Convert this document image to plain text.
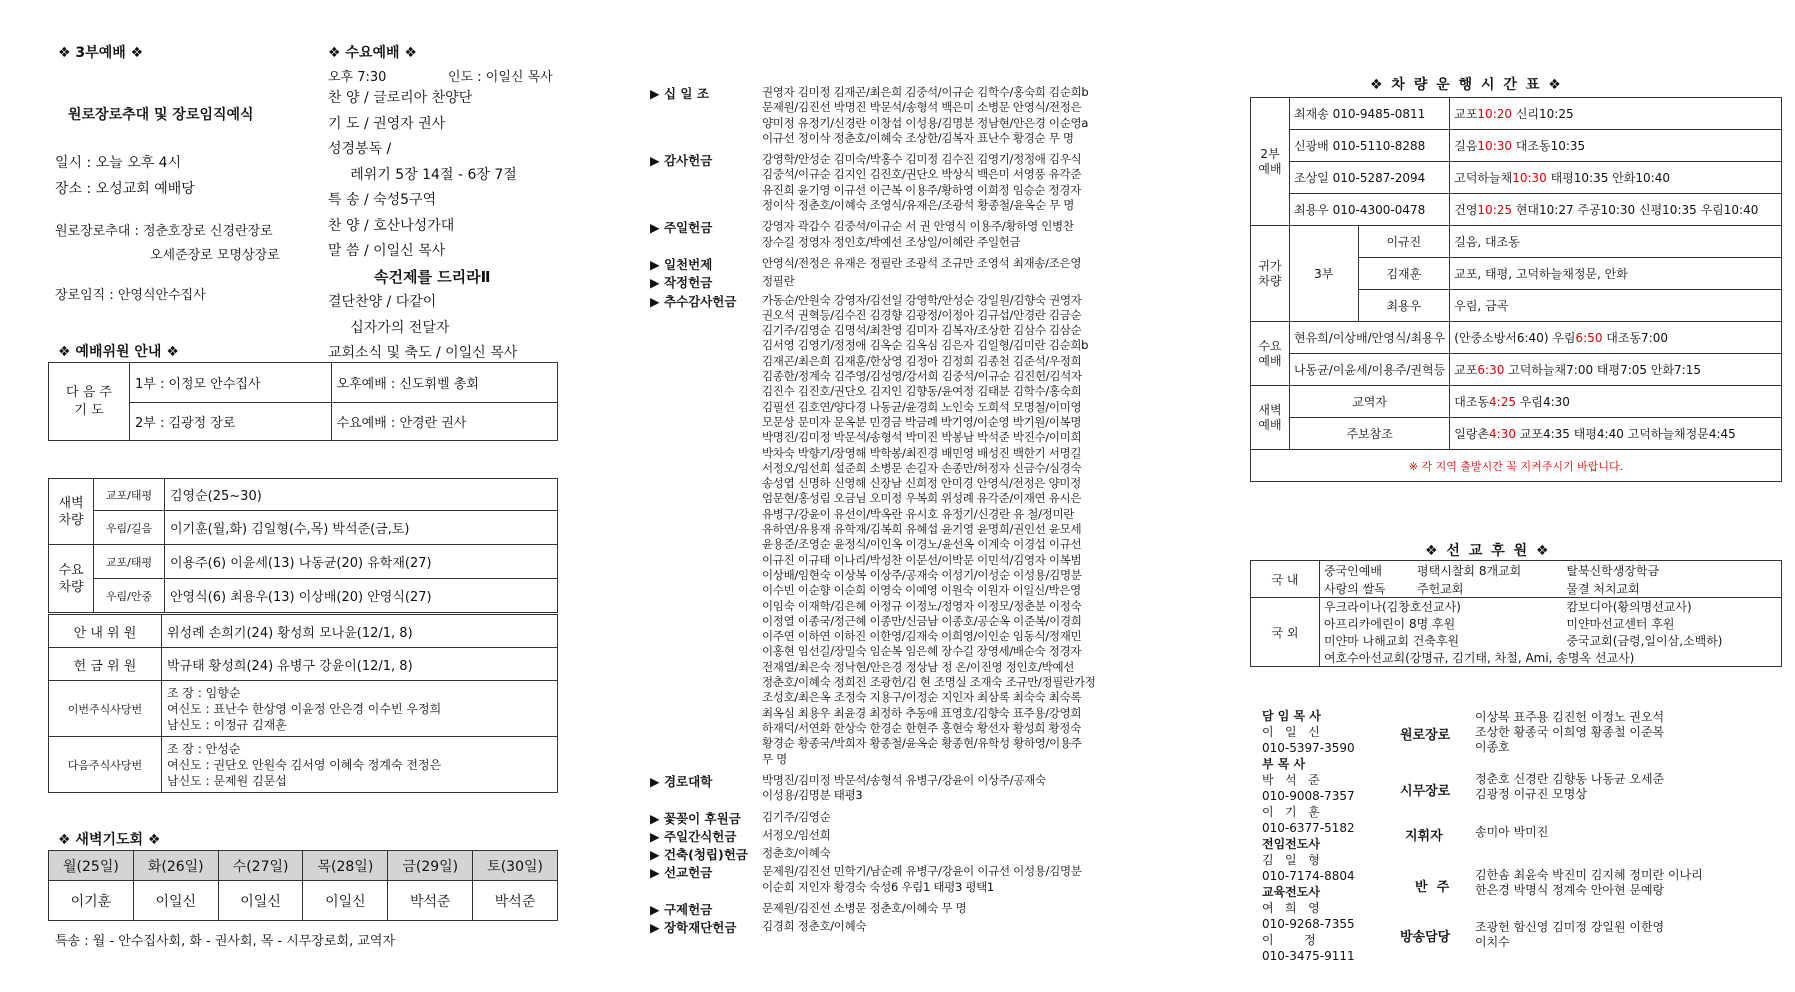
❖ 3부예배 ❖
원로장로추대 및 장로임직예식
일시 : 오늘 오후 4시
장소 : 오성교회 예배당
원로장로추대 : 정춘호장로 신경란장로
오세준장로 모명상장로
장로임직 : 안영식안수집사
❖ 예배위원 안내 ❖
다 음 주
기 도	1부 : 이정모 안수집사	오후예배 : 신도휘벨 총회
	2부 : 김광정 장로	수요예배 : 안경란 권사
새벽
차량	교포/태평	김영순(25~30)
	우림/길음	이기훈(월,화) 김일형(수,목) 박석준(금,토)
수요
차량	교포/태평	이용주(6) 이윤세(13) 나동균(20) 유학재(27)
	우림/안중	안영식(6) 최용우(13) 이상배(20) 안영식(27)
안 내 위 원	위성례 손희기(24) 황성희 모나윤(12/1, 8)
헌 금 위 원	박규태 황성희(24) 유병구 강윤이(12/1, 8)
이번주식사당번	조 장 : 임향순
여신도 : 표난수 한상영 이윤정 안은경 이수빈 우정희
남신도 : 이정규 김재훈
다음주식사당번	조 장 : 안성순
여신도 : 권단오 안원숙 김서영 이혜숙 정계숙 전정은
남신도 : 문제원 김문섭
❖ 새벽기도회 ❖
월(25일)	화(26일)	수(27일)	목(28일)	금(29일)	토(30일)
이기훈	이일신	이일신	이일신	박석준	박석준
특송 : 월 - 안수집사회, 화 - 권사회, 목 - 시무장로회, 교역자
❖ 수요예배 ❖
오후 7:30	인도 : 이일신 목사
찬 양 / 글로리아 찬양단
기 도 / 권영자 권사
성경봉독 /
레위기 5장 14절 - 6장 7절
특 송 / 숙성5구역
찬 양 / 호산나성가대
말 씀 / 이일신 목사
속건제를 드리라Ⅱ
결단찬양 / 다같이
십자가의 전달자
교회소식 및 축도 / 이일신 목사
▶ 십 일 조	권영자 김미정 김재곤/최은희 김중석/이규순 김학수/홍숙희 김순희b
문제원/김진선 박명진 박문석/송형석 백은미 소병문 안영식/전정은
양미정 유정기/신경란 이창섭 이성용/김명분 정남현/안은경 이순영a
이규선 정이삭 정춘호/이혜숙 조상한/김복자 표난수 황경순 무 명
▶ 감사헌금	강영학/안성순 김미숙/박홍수 김미정 김수진 김영기/정정애 김우식
김중석/이규순 김지인 김진호/권단오 박상식 백은미 서영풍 유각준
유진희 윤기영 이규선 이근복 이용주/황하영 이희정 임승순 정경자
정이삭 정춘호/이혜숙 조영식/유재은/조광석 황종철/윤옥순 무 명
▶ 주일헌금	강영자 곽갑수 김중석/이규순 서 권 안영식 이용주/황하영 인병찬
장수길 정영자 정인호/박예선 조상일/이혜란 주일헌금
▶ 일천번제	안영식/전정은 유재은 정필란 조광석 조규만 조영석 최재송/조은영
▶ 작정헌금	정필란
▶ 추수감사헌금 가동순/안원숙 강영자/김선일 강영학/안성순 강일원/김향숙 권영자
권오석 권혁등/김수진 김경향 김광정/이정아 김규섭/안경란 김금순
김기주/김영순 김명석/최찬영 김미자 김복자/조상한 김삼수 김삼순
김서영 김영기/정정애 김옥순 김옥심 김은자 김일형/김미란 김순희b
김재곤/최은희 김재훈/한상영 김정아 김정희 김종천 김준석/우정희
김종한/정계숙 김주영/김성영/강서희 김중석/이규순 김진헌/김석자
김진수 김진호/권단오 김지인 김향동/윤여정 김태분 김학수/홍숙희
김필선 김호연/양다경 나동균/윤경희 노인숙 도희석 모명철/이미영
모문상 문미자 문옥분 민경금 박금례 박기영/이순영 박기원/이복명
박명진/김미정 박문석/송형석 박미진 박봉남 박석준 박진수/이미희
박차숙 박향기/장영해 박학봉/최진경 배민영 배성진 백한기 서명길
서정오/임선희 설준희 소병문 손길자 손종만/허정자 신금수/심경숙
송성엽 신명하 신영해 신장남 신희정 안미경 안영식/전정은 양미정
엄문현/홍성림 오금님 오미정 우복희 위성례 유각준/이재연 유시은
유병구/강윤이 유선이/박옥란 유시호 유정기/신경란 유 철/정미란
유하연/유용재 유학재/김복희 유혜섭 윤기영 윤명희/권인선 윤모세
윤용준/조영순 윤정식/이인옥 이경노/윤선옥 이계숙 이경섭 이규선
이규진 이규태 이나리/박성찬 이문선/이박문 이민석/김영자 이복범
이상배/임현숙 이상복 이상주/공재숙 이성기/이성순 이성용/김명분
이수빈 이순향 이순희 이영숙 이예영 이원숙 이원자 이일신/박은영
이임숙 이재학/김은혜 이정규 이정노/정영자 이정모/정춘분 이정숙
이정열 이종국/정근혜 이종만/신금남 이종호/공순옥 이준복/이경희
이주연 이하연 이하진 이한영/김재숙 이희영/이인순 임동식/정재민
이홍현 임선길/장밀숙 임순복 임은혜 장수길 장영세/배순숙 정경자
전재열/최은숙 정낙현/안은경 정상남 정 온/이진영 정인호/박예선
정춘호/이혜숙 정희진 조광헌/김 현 조명실 조재숙 조규만/정필란가정
조성호/최은옥 조정숙 지용구/이정순 지인자 최삼록 최숙숙 최숙록
최옥심 최용우 최윤경 최정하 추동애 표영호/김향숙 표주용/강영희
하재덕/서연화 한상숙 한경순 한현주 홍현숙 황선자 황성희 황정숙
황경순 황종국/박희자 황종철/윤옥순 황종현/유학성 황하영/이용주
무 명
▶ 경로대학	박명진/김미정 박문석/송형석 유병구/강윤이 이상주/공재숙
이성용/김명분 태평3
▶ 꽃꽂이 후원금 김기주/김영순
▶ 주일간식헌금 서정오/임선희
▶ 건축(청립)헌금 정춘호/이혜숙
▶ 선교헌금	문제원/김진선 민학기/남순례 유병구/강윤이 이규선 이성용/김명분
이순희 지인자 황경숙 숙성6 우림1 태평3 평택1
▶ 구제헌금	문제원/김진선 소병문 정춘호/이혜숙 무 명
▶ 장학재단헌금 김경희 정춘호/이혜숙
❖ 차 량 운 행 시 간 표 ❖
2부
예배	최재송 010-9485-0811		교포10:20 신리10:25
	신광배 010-5110-8288		길음10:30 대조동10:35
	조상일 010-5287-2094		고덕하늘채10:30 태평10:35 안화10:40
	최용우 010-4300-0478		건영10:25 현대10:27 주공10:30 신평10:35 우림10:40
귀가
차량	3부	이규진	길음, 대조동
		김재훈	교포, 태평, 고덕하늘채정문, 안화
		최용우	우림, 금곡
수요
예배	현유희/이상배/안영식/최용우		(안중소방서6:40) 우림6:50 대조동7:00
	나동균/이윤세/이용주/권혁등		교포6:30 고덕하늘채7:00 태평7:05 안화7:15
새벽
예배	교역자		대조동4:25 우림4:30
	주보참조		일랑촌4:30 교포4:35 태평4:40 고덕하늘채정문4:45
※ 각 지역 출발시간 꼭 지켜주시기 바랍니다.			
❖ 선 교 후 원 ❖
국 내	중국인예배	평택시찰회 8개교회	탈북신학생장학금
	사랑의 쌀독	주헌교회	물결 처치교회
국 외	우크라이나(김창호선교사)		캄보디아(황의명선교사)
	아프리카에린이 8명 후원		미얀마선교센터 후원
	미얀마 나해교회 건축후원		중국교회(금령,일이삼,소백하)
	여호수아선교회(강명규, 김기태, 차철, Ami, 송명옥 선교사)		
담 임 목 사
이   일   신
010-5397-3590
부 목 사
박   석   준
010-9008-7357
이   기   훈
010-6377-5182
전임전도사
김   일   형
010-7174-8804
교육전도사
여   희   영
010-9268-7355
이        정
010-3475-9111
원로장로
이상복 표주용 김진헌 이정노 권오석
조상한 황종국 이희영 황종철 이준복
이종호
시무장로
정춘호 신경란 김향동 나동균 오세준
김광정 이규진 모명상
지휘자	송미아 박미진
반  주
김한솜 최윤숙 박진미 김지혜 정미란 이나리
한은경 박명식 정계숙 안아현 문예랑
방송담당
조광헌 함신영 김미정 강일원 이한영
이치수
